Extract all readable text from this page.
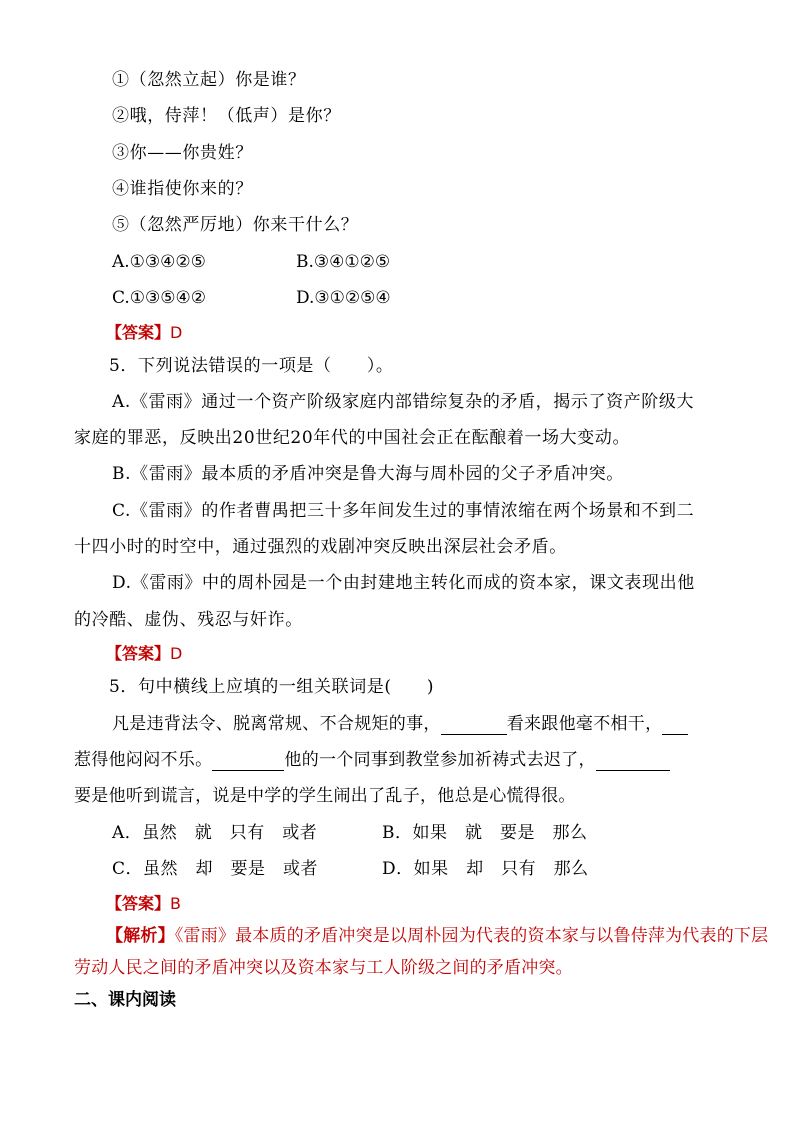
①（忽然立起）你是谁？
②哦，侍萍！（低声）是你？
③你——你贵姓？
④谁指使你来的？
⑤（忽然严厉地）你来干什么？
A.①③④②⑤	B.③④①②⑤
C.①③⑤④②	D.③①②⑤④
【答案】D
5．下列说法错误的一项是（　　）。
A.《雷雨》通过一个资产阶级家庭内部错综复杂的矛盾，揭示了资产阶级大
家庭的罪恶，反映出20世纪20年代的中国社会正在酝酿着一场大变动。
B.《雷雨》最本质的矛盾冲突是鲁大海与周朴园的父子矛盾冲突。
C.《雷雨》的作者曹禺把三十多年间发生过的事情浓缩在两个场景和不到二
十四小时的时空中，通过强烈的戏剧冲突反映出深层社会矛盾。
D.《雷雨》中的周朴园是一个由封建地主转化而成的资本家，课文表现出他
的冷酷、虚伪、残忍与奸诈。
【答案】D
5．句中横线上应填的一组关联词是(　　)
凡是违背法令、脱离常规、不合规矩的事，	看来跟他毫不相干，
惹得他闷闷不乐。	他的一个同事到教堂参加祈祷式去迟了，
要是他听到谎言，说是中学的学生闹出了乱子，他总是心慌得很。
A．虽然　就　只有　或者	B．如果　就　要是　那么
C．虽然　却　要是　或者	D．如果　却　只有　那么
【答案】B
【解析】《雷雨》最本质的矛盾冲突是以周朴园为代表的资本家与以鲁侍萍为代表的下层
劳动人民之间的矛盾冲突以及资本家与工人阶级之间的矛盾冲突。
二、课内阅读
